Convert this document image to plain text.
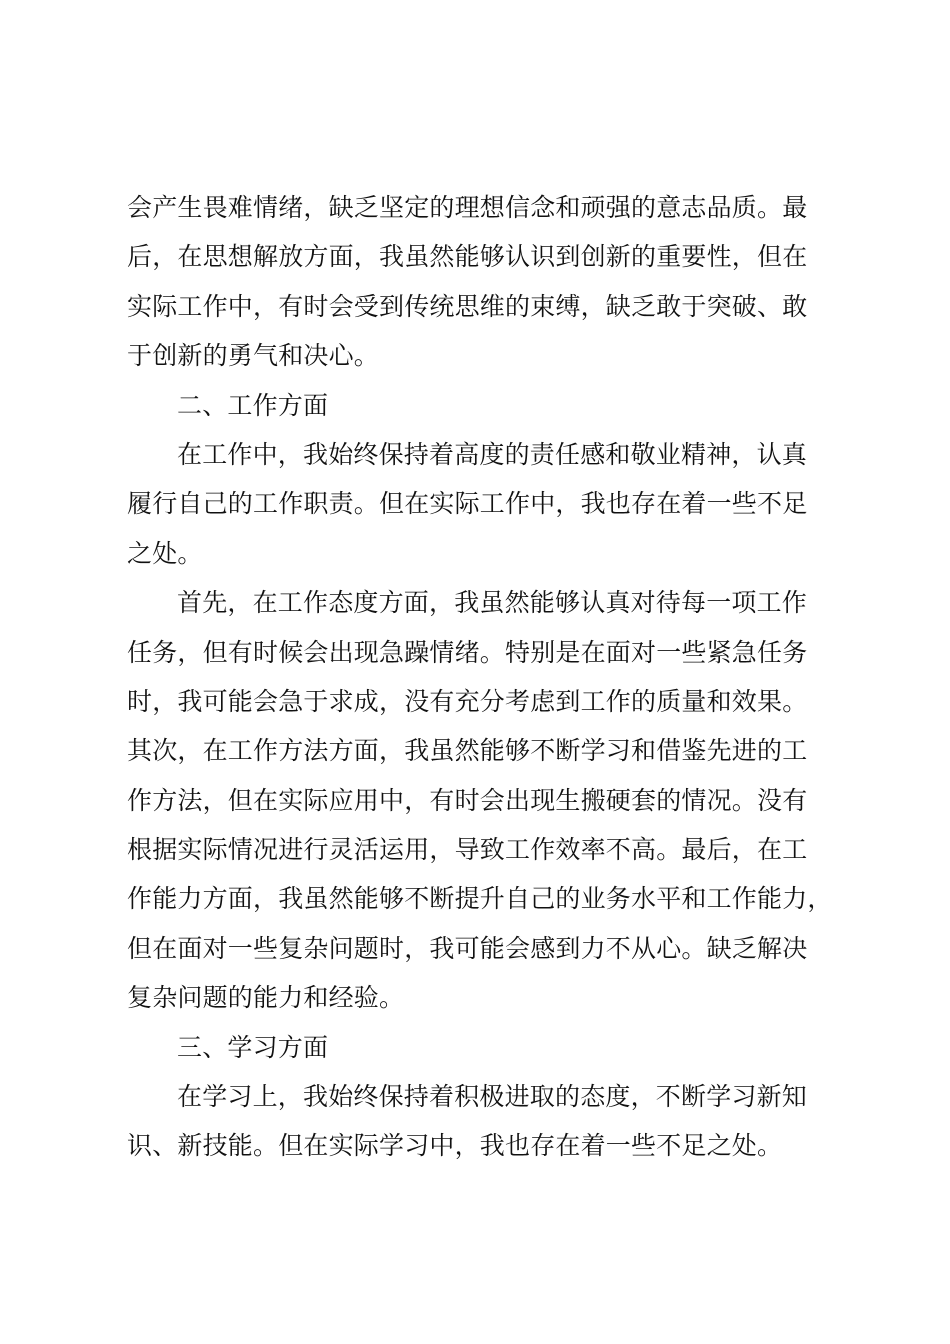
会产生畏难情绪，缺乏坚定的理想信念和顽强的意志品质。最
后，在思想解放方面，我虽然能够认识到创新的重要性，但在
实际工作中，有时会受到传统思维的束缚，缺乏敢于突破、敢
于创新的勇气和决心。
二、工作方面
在工作中，我始终保持着高度的责任感和敬业精神，认真
履行自己的工作职责。但在实际工作中，我也存在着一些不足
之处。
首先，在工作态度方面，我虽然能够认真对待每一项工作
任务，但有时候会出现急躁情绪。特别是在面对一些紧急任务
时，我可能会急于求成，没有充分考虑到工作的质量和效果。
其次，在工作方法方面，我虽然能够不断学习和借鉴先进的工
作方法，但在实际应用中，有时会出现生搬硬套的情况。没有
根据实际情况进行灵活运用，导致工作效率不高。最后，在工
作能力方面，我虽然能够不断提升自己的业务水平和工作能力，
但在面对一些复杂问题时，我可能会感到力不从心。缺乏解决
复杂问题的能力和经验。
三、学习方面
在学习上，我始终保持着积极进取的态度，不断学习新知
识、新技能。但在实际学习中，我也存在着一些不足之处。
